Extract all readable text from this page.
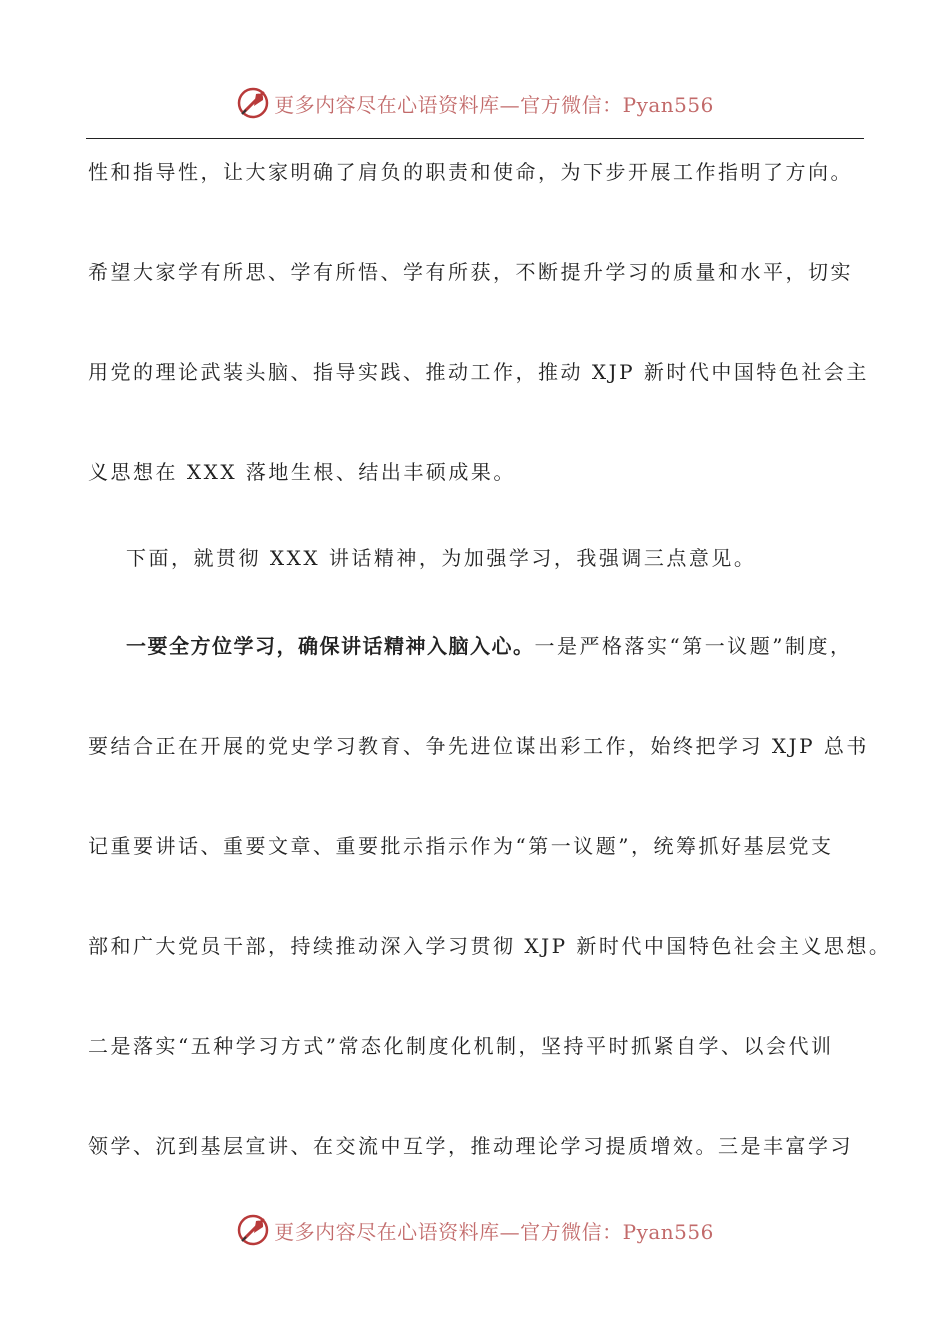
更多内容尽在心语资料库—官方微信：Pyan556
性和指导性，让大家明确了肩负的职责和使命，为下步开展工作指明了方向。
希望大家学有所思、学有所悟、学有所获，不断提升学习的质量和水平，切实
用党的理论武装头脑、指导实践、推动工作，推动 XJP 新时代中国特色社会主
义思想在 XXX 落地生根、结出丰硕成果。
下面，就贯彻 XXX 讲话精神，为加强学习，我强调三点意见。
一要全方位学习，确保讲话精神入脑入心。一是严格落实“第一议题”制度，
要结合正在开展的党史学习教育、争先进位谋出彩工作，始终把学习 XJP 总书
记重要讲话、重要文章、重要批示指示作为“第一议题”，统筹抓好基层党支
部和广大党员干部，持续推动深入学习贯彻 XJP 新时代中国特色社会主义思想。
二是落实“五种学习方式”常态化制度化机制，坚持平时抓紧自学、以会代训
领学、沉到基层宣讲、在交流中互学，推动理论学习提质增效。三是丰富学习
更多内容尽在心语资料库—官方微信：Pyan556
